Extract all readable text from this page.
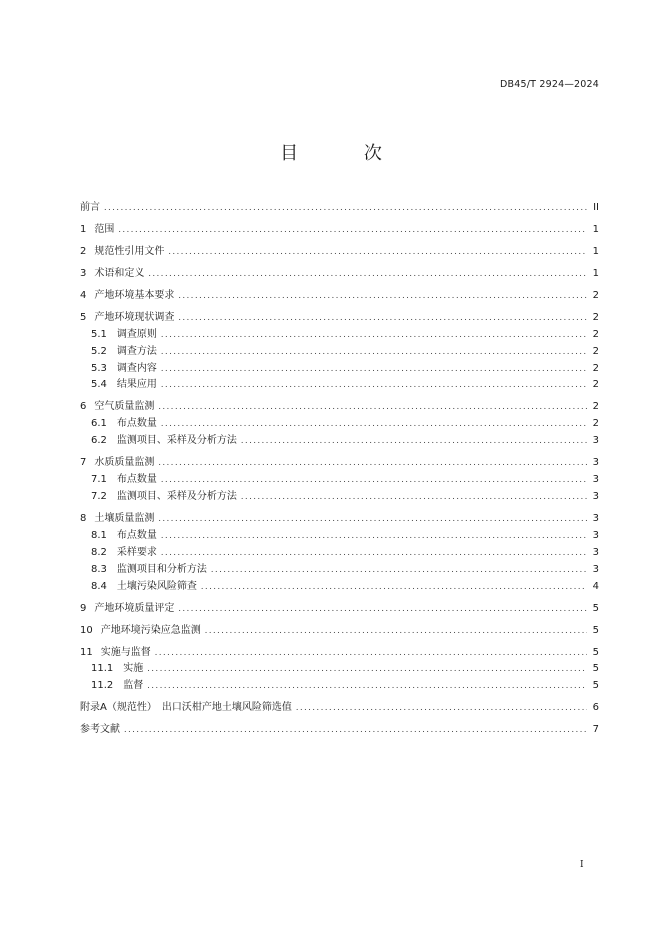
DB45/T 2924—2024
目 次
前言 .....	II
1 范围 .....	1
2 规范性引用文件 .....	1
3 术语和定义 .....	1
4 产地环境基本要求 .....	2
5 产地环境现状调查 .....	2
5.1 调查原则 .....	2
5.2 调查方法 .....	2
5.3 调查内容 .....	2
5.4 结果应用 .....	2
6 空气质量监测 .....	2
6.1 布点数量 .....	2
6.2 监测项目、采样及分析方法 .....	3
7 水质质量监测 .....	3
7.1 布点数量 .....	3
7.2 监测项目、采样及分析方法 .....	3
8 土壤质量监测 .....	3
8.1 布点数量 .....	3
8.2 采样要求 .....	3
8.3 监测项目和分析方法 .....	3
8.4 土壤污染风险筛查 .....	4
9 产地环境质量评定 .....	5
10 产地环境污染应急监测 .....	5
11 实施与监督 .....	5
11.1 实施 .....	5
11.2 监督 .....	5
附录A（规范性）　出口沃柑产地土壤风险筛选值 .....	6
参考文献 .....	7
I
